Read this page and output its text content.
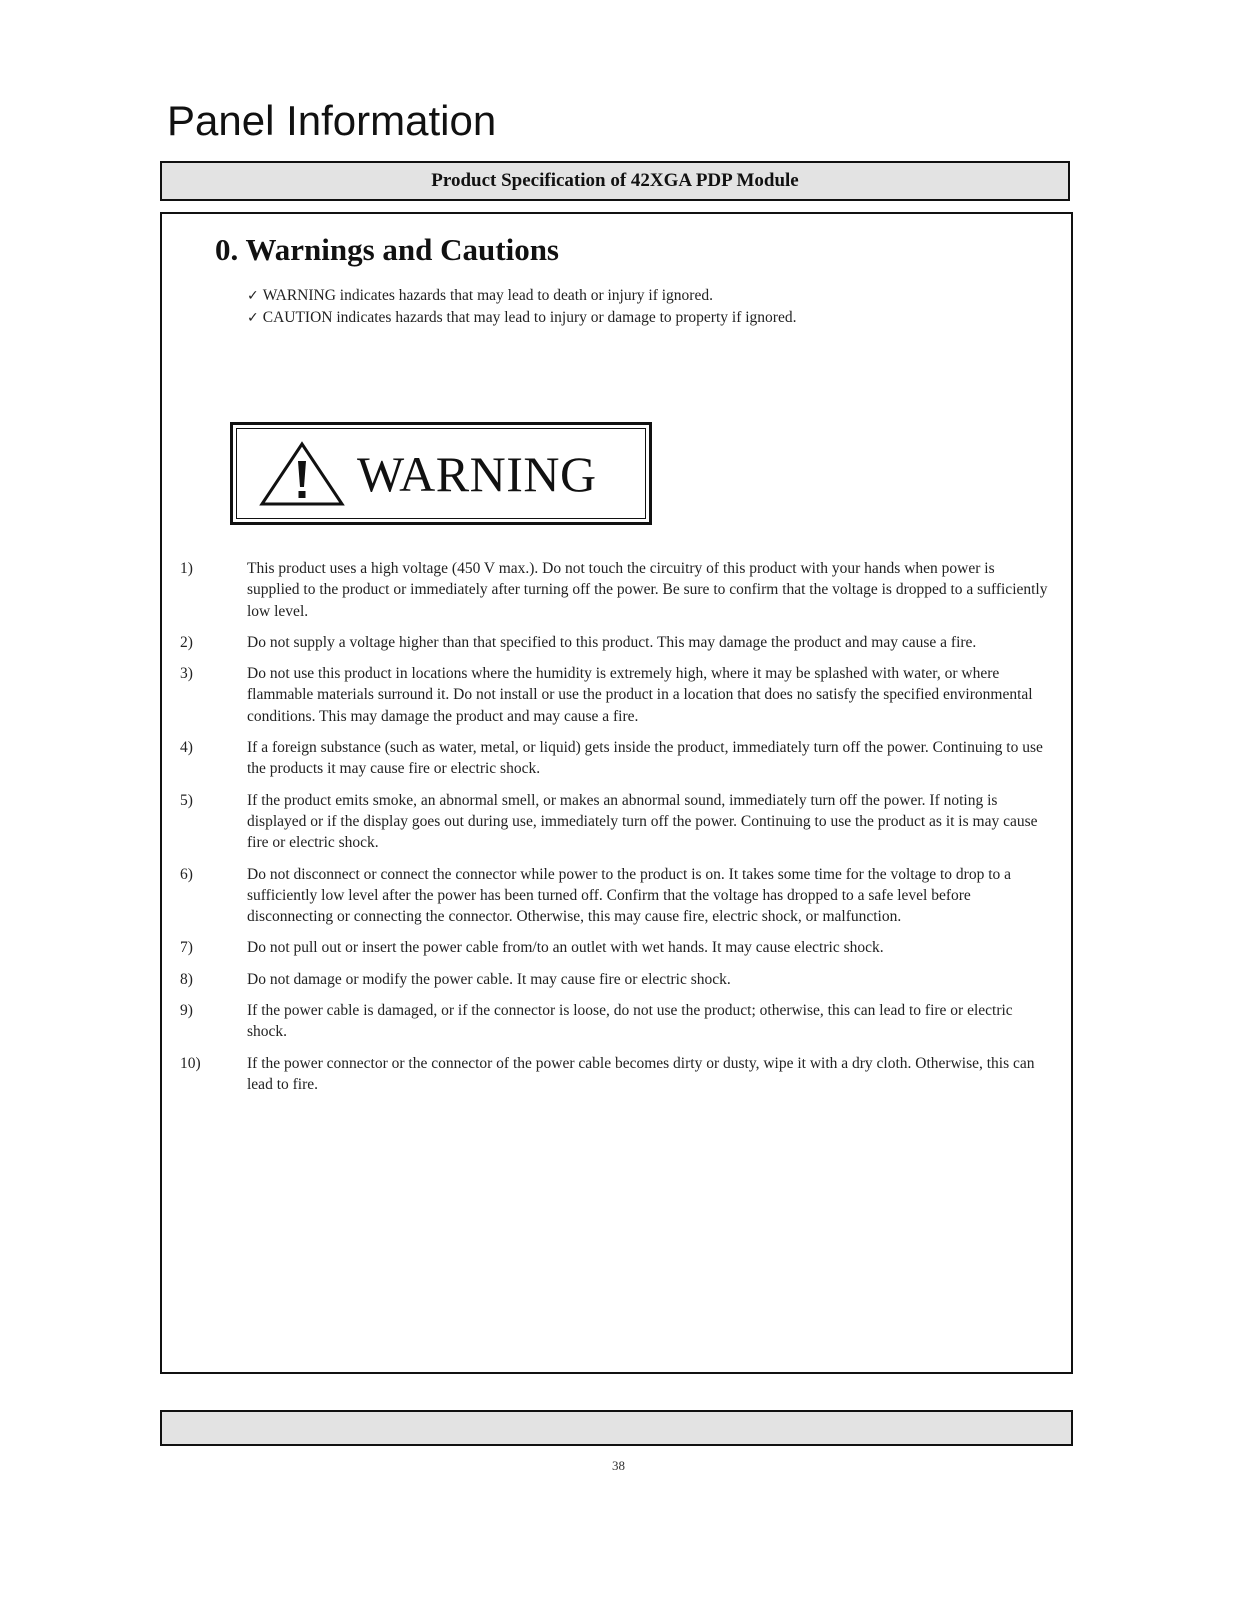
Panel Information
Product Specification of 42XGA PDP Module
0. Warnings and Cautions
✓ WARNING indicates hazards that may lead to death or injury if ignored.
✓ CAUTION indicates hazards that may lead to injury or damage to property if ignored.
WARNING
1)	This product uses a high voltage (450 V max.). Do not touch the circuitry of this product with your hands when power is supplied to the product or immediately after turning off the power. Be sure to confirm that the voltage is dropped to a sufficiently low level.
2)	Do not supply a voltage higher than that specified to this product. This may damage the product and may cause a fire.
3)	Do not use this product in locations where the humidity is extremely high, where it may be splashed with water, or where flammable materials surround it. Do not install or use the product in a location that does no satisfy the specified environmental conditions. This may damage the product and may cause a fire.
4)	If a foreign substance (such as water, metal, or liquid) gets inside the product, immediately turn off the power. Continuing to use the products it may cause fire or electric shock.
5)	If the product emits smoke, an abnormal smell, or makes an abnormal sound, immediately turn off the power. If noting is displayed or if the display goes out during use, immediately turn off the power. Continuing to use the product as it is may cause fire or electric shock.
6)	Do not disconnect or connect the connector while power to the product is on. It takes some time for the voltage to drop to a sufficiently low level after the power has been turned off. Confirm that the voltage has dropped to a safe level before disconnecting or connecting the connector. Otherwise, this may cause fire, electric shock, or malfunction.
7)	Do not pull out or insert the power cable from/to an outlet with wet hands. It may cause electric shock.
8)	Do not damage or modify the power cable. It may cause fire or electric shock.
9)	If the power cable is damaged, or if the connector is loose, do not use the product; otherwise, this can lead to fire or electric shock.
10)	If the power connector or the connector of the power cable becomes dirty or dusty, wipe it with a dry cloth. Otherwise, this can lead to fire.
38
